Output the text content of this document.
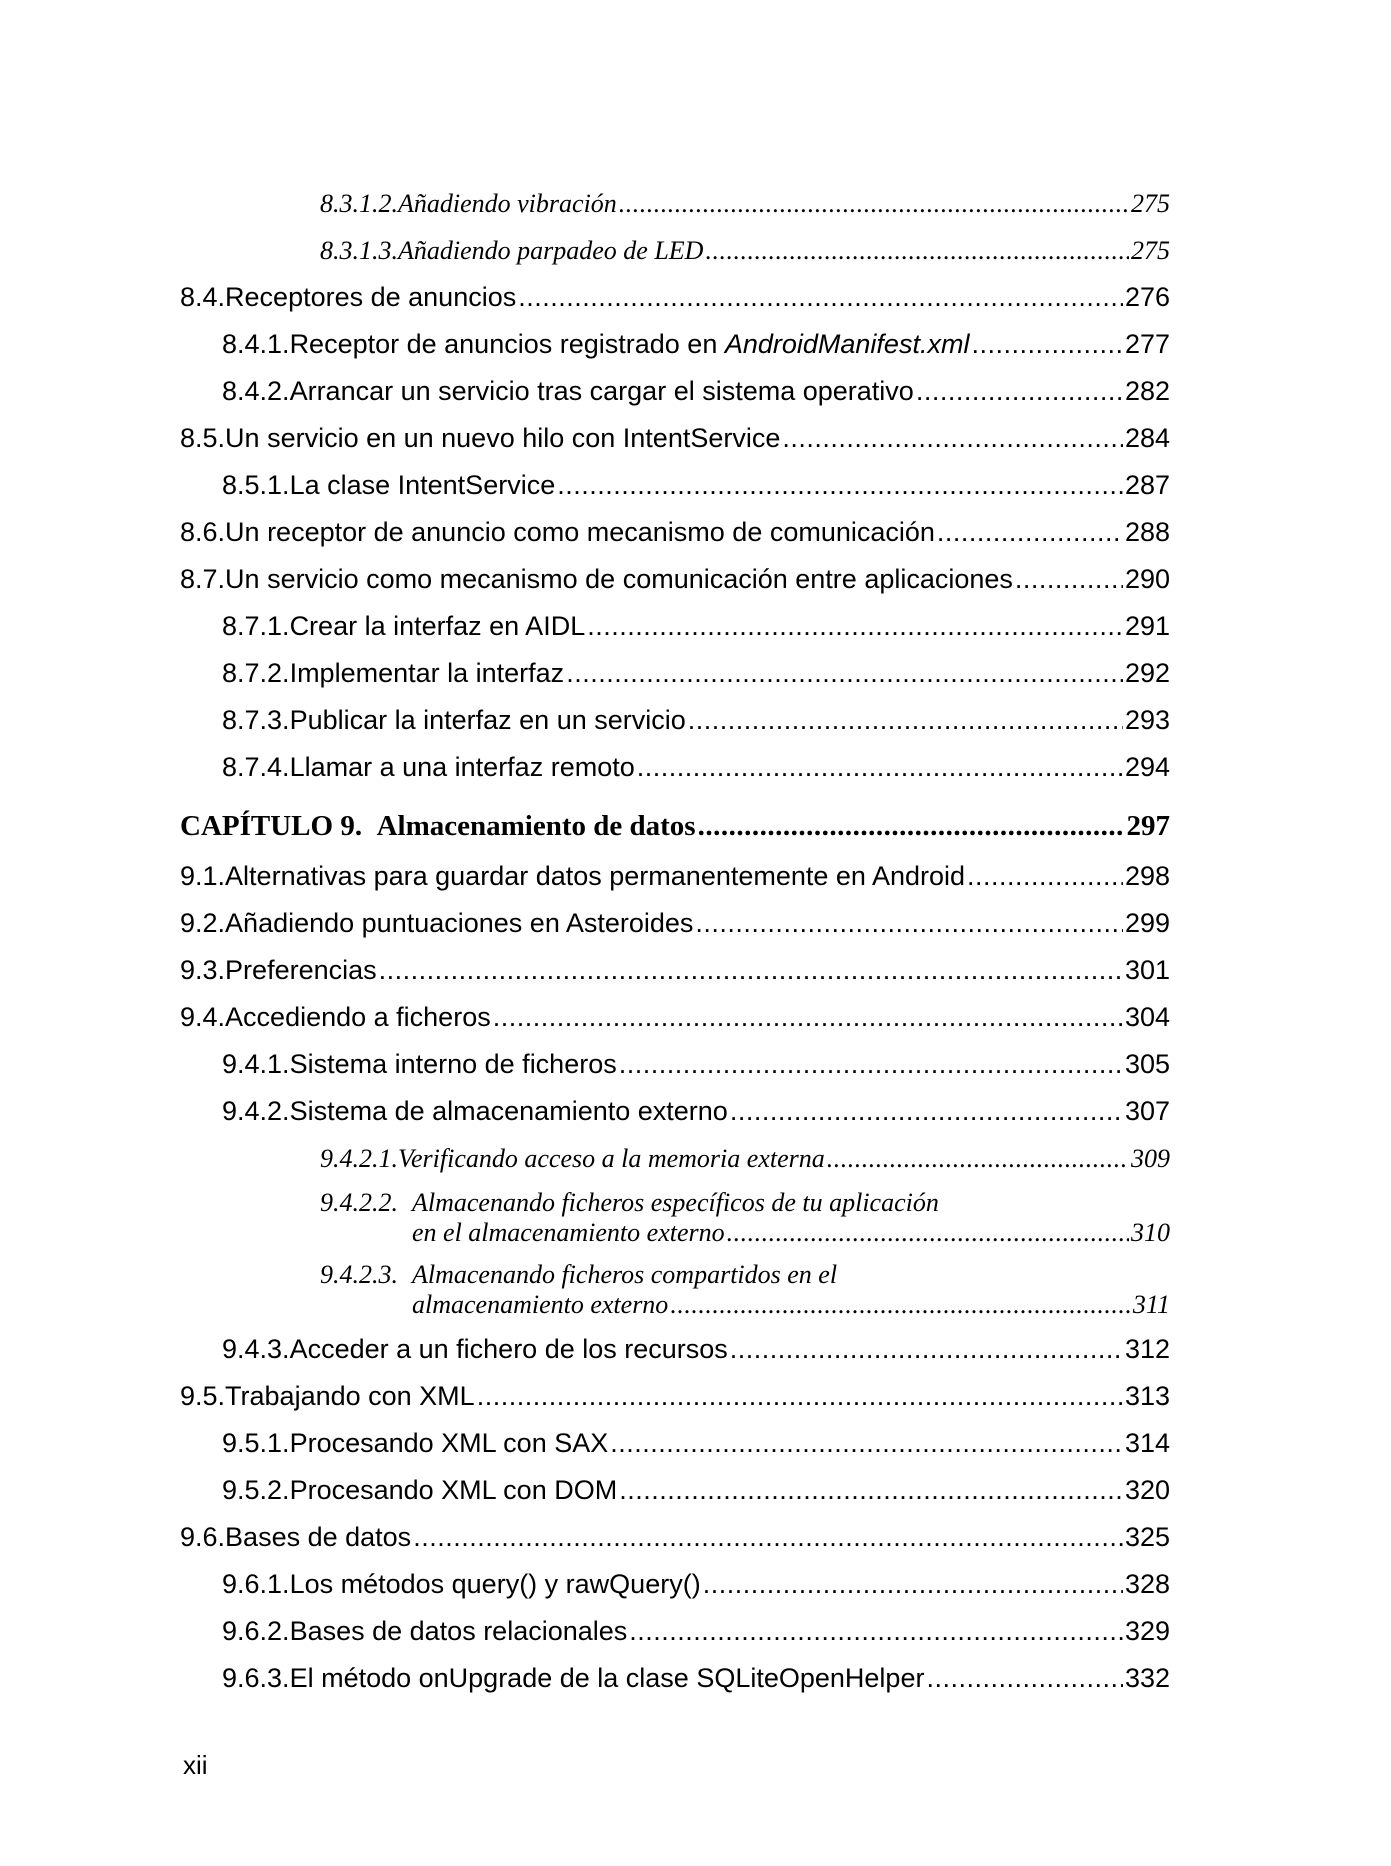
8.3.1.2. Añadiendo vibración .....	275
8.3.1.3. Añadiendo parpadeo de LED .....	275
8.4. Receptores de anuncios .....	276
8.4.1. Receptor de anuncios registrado en AndroidManifest.xml .....	277
8.4.2. Arrancar un servicio tras cargar el sistema operativo .....	282
8.5. Un servicio en un nuevo hilo con IntentService .....	284
8.5.1. La clase IntentService .....	287
8.6. Un receptor de anuncio como mecanismo de comunicación .....	288
8.7. Un servicio como mecanismo de comunicación entre aplicaciones .....	290
8.7.1. Crear la interfaz en AIDL .....	291
8.7.2. Implementar la interfaz .....	292
8.7.3. Publicar la interfaz en un servicio .....	293
8.7.4. Llamar a una interfaz remoto .....	294
CAPÍTULO 9. Almacenamiento de datos .....	297
9.1. Alternativas para guardar datos permanentemente en Android .....	298
9.2. Añadiendo puntuaciones en Asteroides .....	299
9.3. Preferencias .....	301
9.4. Accediendo a ficheros .....	304
9.4.1. Sistema interno de ficheros .....	305
9.4.2. Sistema de almacenamiento externo .....	307
9.4.2.1. Verificando acceso a la memoria externa .....	309
9.4.2.2. Almacenando ficheros específicos de tu aplicación
en el almacenamiento externo .....	310
9.4.2.3. Almacenando ficheros compartidos en el
almacenamiento externo .....	311
9.4.3. Acceder a un fichero de los recursos .....	312
9.5. Trabajando con XML .....	313
9.5.1. Procesando XML con SAX .....	314
9.5.2. Procesando XML con DOM .....	320
9.6. Bases de datos .....	325
9.6.1. Los métodos query() y rawQuery() .....	328
9.6.2. Bases de datos relacionales .....	329
9.6.3. El método onUpgrade de la clase SQLiteOpenHelper .....	332
xii
